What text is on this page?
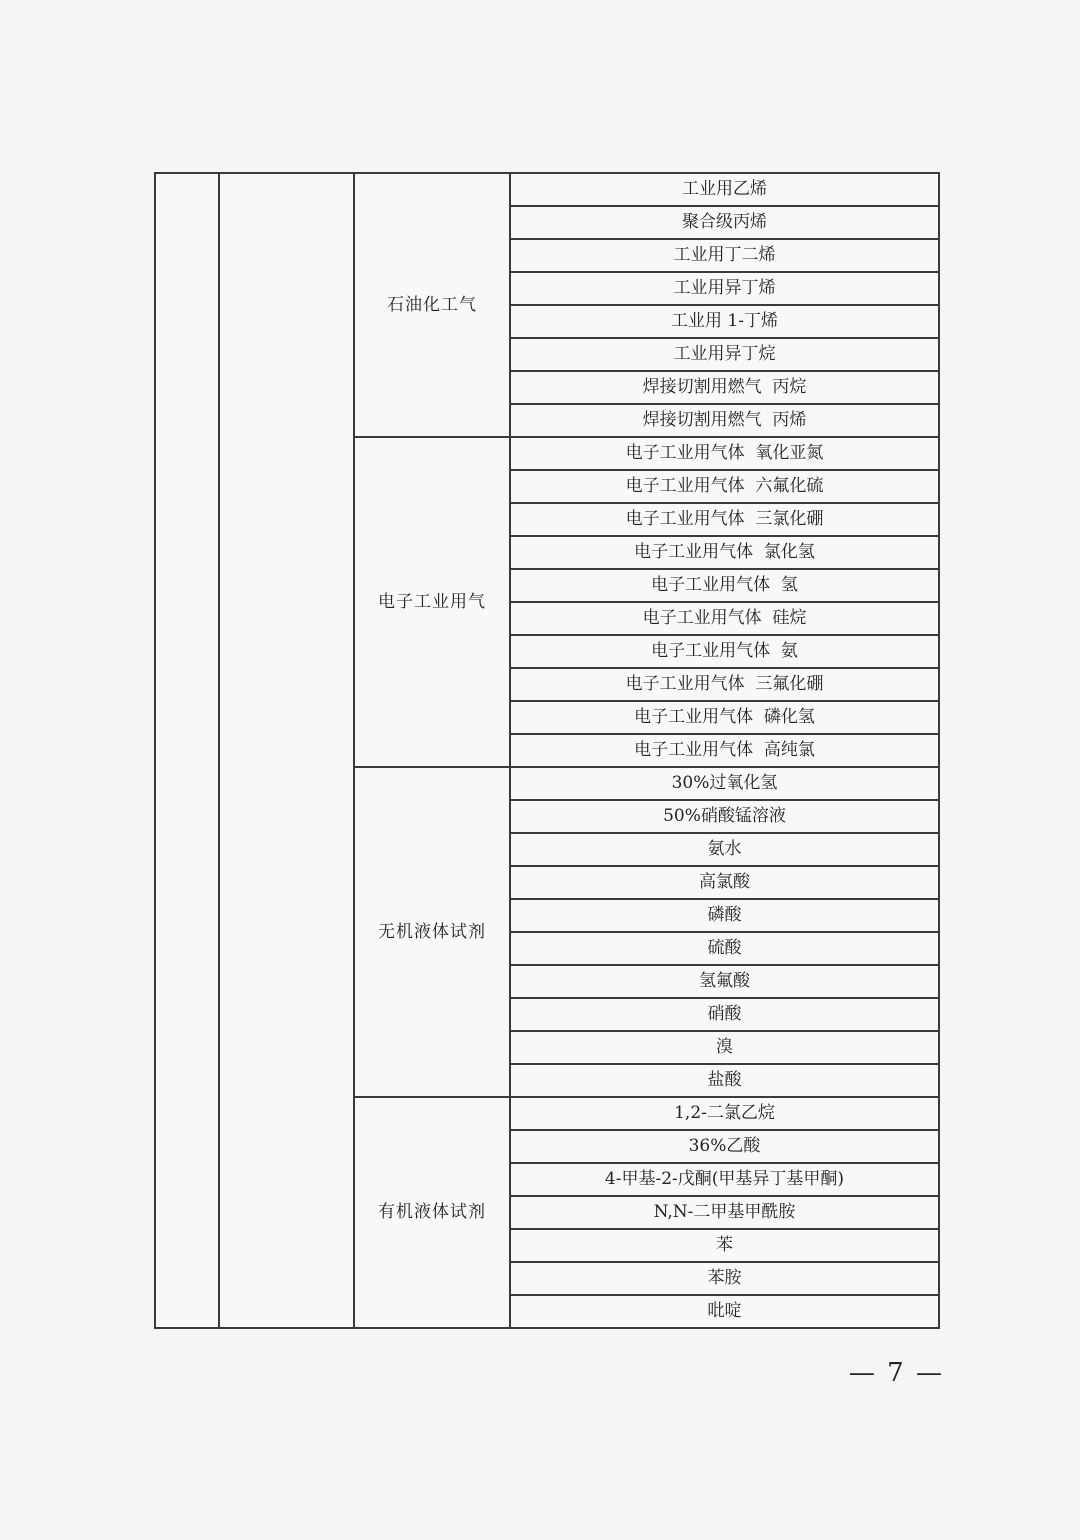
		石油化工气	工业用乙烯
			聚合级丙烯
			工业用丁二烯
			工业用异丁烯
			工业用 1-丁烯
			工业用异丁烷
			焊接切割用燃气  丙烷
			焊接切割用燃气  丙烯
		电子工业用气	电子工业用气体  氧化亚氮
			电子工业用气体  六氟化硫
			电子工业用气体  三氯化硼
			电子工业用气体  氯化氢
			电子工业用气体  氢
			电子工业用气体  硅烷
			电子工业用气体  氨
			电子工业用气体  三氟化硼
			电子工业用气体  磷化氢
			电子工业用气体  高纯氯
		无机液体试剂	30%过氧化氢
			50%硝酸锰溶液
			氨水
			高氯酸
			磷酸
			硫酸
			氢氟酸
			硝酸
			溴
			盐酸
		有机液体试剂	1,2-二氯乙烷
			36%乙酸
			4-甲基-2-戊酮(甲基异丁基甲酮)
			N,N-二甲基甲酰胺
			苯
			苯胺
			吡啶
— 7 —
